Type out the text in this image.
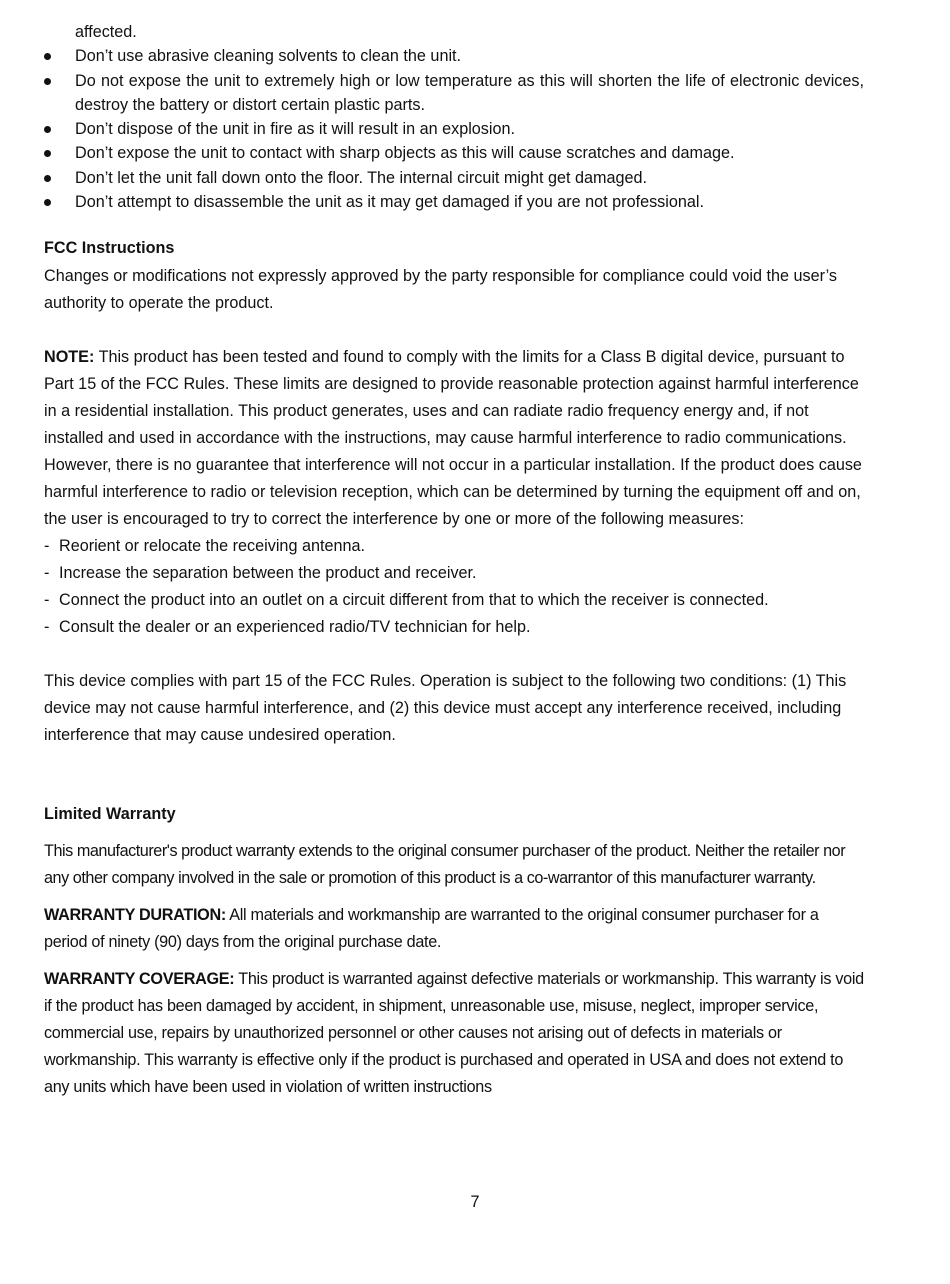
affected.
Don’t use abrasive cleaning solvents to clean the unit.
Do not expose the unit to extremely high or low temperature as this will shorten the life of electronic devices, destroy the battery or distort certain plastic parts.
Don’t dispose of the unit in fire as it will result in an explosion.
Don’t expose the unit to contact with sharp objects as this will cause scratches and damage.
Don’t let the unit fall down onto the floor. The internal circuit might get damaged.
Don’t attempt to disassemble the unit as it may get damaged if you are not professional.
FCC Instructions

Changes or modifications not expressly approved by the party responsible for compliance could void the user’s authority to operate the product.

NOTE: This product has been tested and found to comply with the limits for a Class B digital device, pursuant to Part 15 of the FCC Rules. These limits are designed to provide reasonable protection against harmful interference in a residential installation. This product generates, uses and can radiate radio frequency energy and, if not installed and used in accordance with the instructions, may cause harmful interference to radio communications. However, there is no guarantee that interference will not occur in a particular installation. If the product does cause harmful interference to radio or television reception, which can be determined by turning the equipment off and on, the user is encouraged to try to correct the interference by one or more of the following measures:

- Reorient or relocate the receiving antenna.
- Increase the separation between the product and receiver.
- Connect the product into an outlet on a circuit different from that to which the receiver is connected.
- Consult the dealer or an experienced radio/TV technician for help.

This device complies with part 15 of the FCC Rules. Operation is subject to the following two conditions: (1) This device may not cause harmful interference, and (2) this device must accept any interference received, including interference that may cause undesired operation.

Limited Warranty

This manufacturer's product warranty extends to the original consumer purchaser of the product. Neither the retailer nor any other company involved in the sale or promotion of this product is a co-warrantor of this manufacturer warranty.

WARRANTY DURATION: All materials and workmanship are warranted to the original consumer purchaser for a period of ninety (90) days from the original purchase date.

WARRANTY COVERAGE: This product is warranted against defective materials or workmanship. This warranty is void if the product has been damaged by accident, in shipment, unreasonable use, misuse, neglect, improper service, commercial use, repairs by unauthorized personnel or other causes not arising out of defects in materials or workmanship. This warranty is effective only if the product is purchased and operated in USA and does not extend to any units which have been used in violation of written instructions

7
